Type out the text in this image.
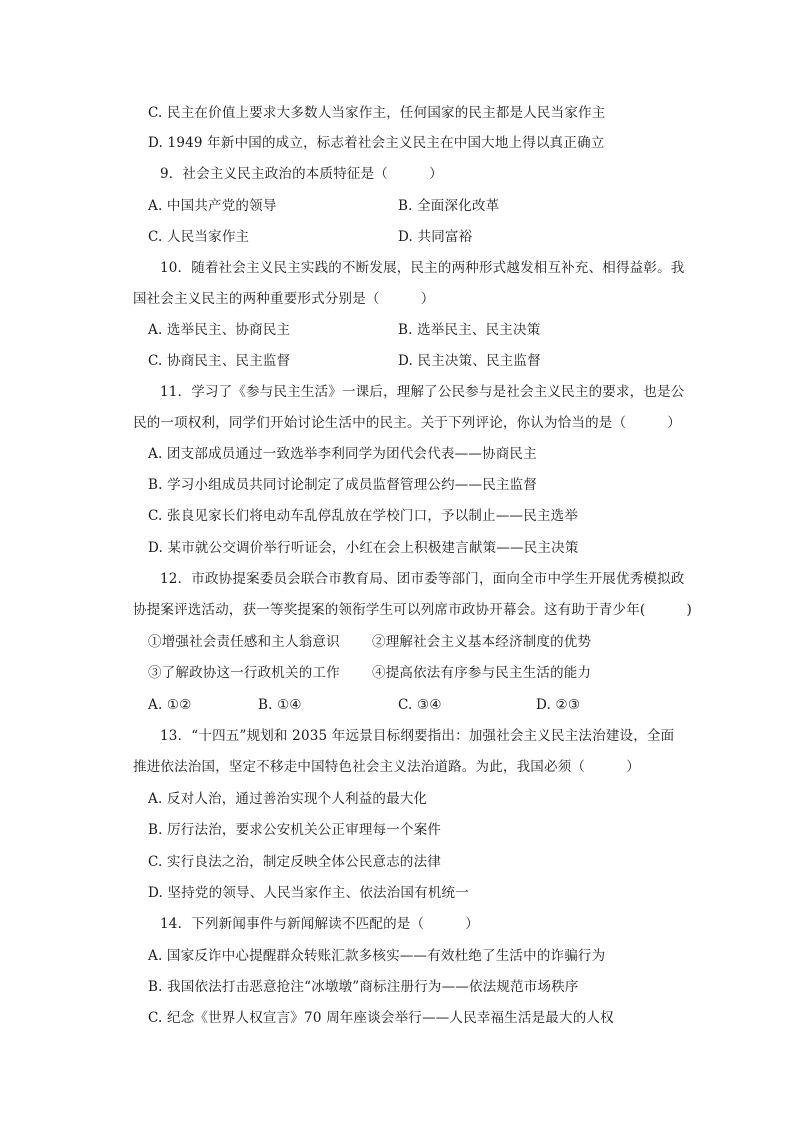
C. 民主在价值上要求大多数人当家作主，任何国家的民主都是人民当家作主
D. 1949 年新中国的成立，标志着社会主义民主在中国大地上得以真正确立
9．社会主义民主政治的本质特征是（　　　）
A. 中国共产党的领导	B. 全面深化改革
C. 人民当家作主	D. 共同富裕
10．随着社会主义民主实践的不断发展，民主的两种形式越发相互补充、相得益彰。我
国社会主义民主的两种重要形式分别是（　　　）
A. 选举民主、协商民主	B. 选举民主、民主决策
C. 协商民主、民主监督	D. 民主决策、民主监督
11．学习了《参与民主生活》一课后，理解了公民参与是社会主义民主的要求，也是公
民的一项权利，同学们开始讨论生活中的民主。关于下列评论，你认为恰当的是（　　　）
A. 团支部成员通过一致选举李利同学为团代会代表——协商民主
B. 学习小组成员共同讨论制定了成员监督管理公约——民主监督
C. 张良见家长们将电动车乱停乱放在学校门口，予以制止——民主选举
D. 某市就公交调价举行听证会，小红在会上积极建言献策——民主决策
12．市政协提案委员会联合市教育局、团市委等部门，面向全市中学生开展优秀模拟政
协提案评选活动，获一等奖提案的领衔学生可以列席市政协开幕会。这有助于青少年(　　　)
①增强社会责任感和主人翁意识 ②理解社会主义基本经济制度的优势
③了解政协这一行政机关的工作 ④提高依法有序参与民主生活的能力
A. ①②	B. ①④	C. ③④	D. ②③
13．“十四五”规划和 2035 年远景目标纲要指出：加强社会主义民主法治建设，全面
推进依法治国，坚定不移走中国特色社会主义法治道路。为此，我国必须（　　　）
A. 反对人治，通过善治实现个人利益的最大化
B. 厉行法治，要求公安机关公正审理每一个案件
C. 实行良法之治，制定反映全体公民意志的法律
D. 坚持党的领导、人民当家作主、依法治国有机统一
14．下列新闻事件与新闻解读不匹配的是（　　　）
A. 国家反诈中心提醒群众转账汇款多核实——有效杜绝了生活中的诈骗行为
B. 我国依法打击恶意抢注“冰墩墩”商标注册行为——依法规范市场秩序
C. 纪念《世界人权宣言》70 周年座谈会举行——人民幸福生活是最大的人权
